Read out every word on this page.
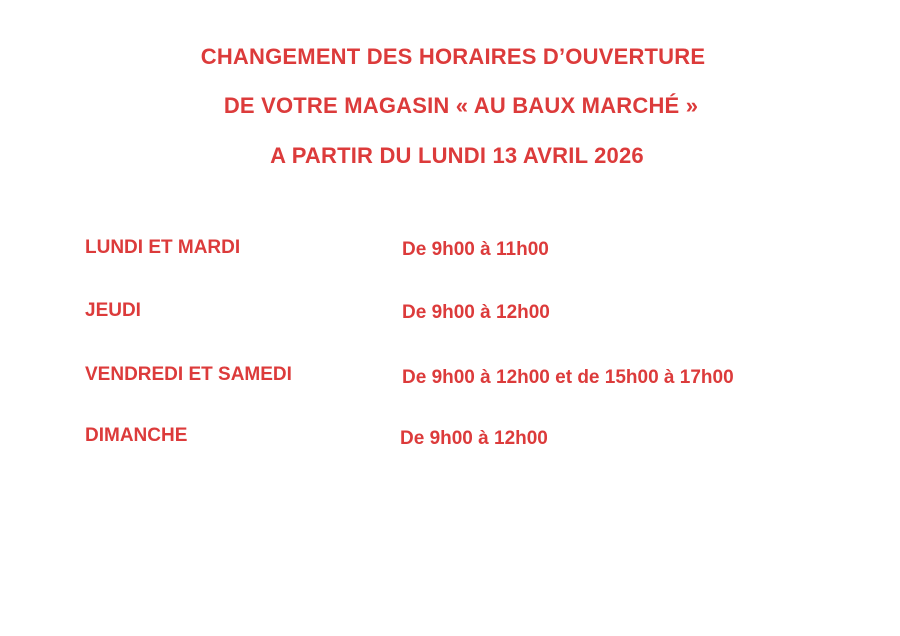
CHANGEMENT DES HORAIRES D’OUVERTURE
DE VOTRE MAGASIN « AU BAUX MARCHÉ »
A PARTIR DU LUNDI 13 AVRIL 2026
LUNDI ET MARDI	De 9h00 à 11h00
JEUDI	De 9h00 à 12h00
VENDREDI ET SAMEDI	De 9h00 à 12h00 et de 15h00 à 17h00
DIMANCHE	De 9h00 à 12h00
